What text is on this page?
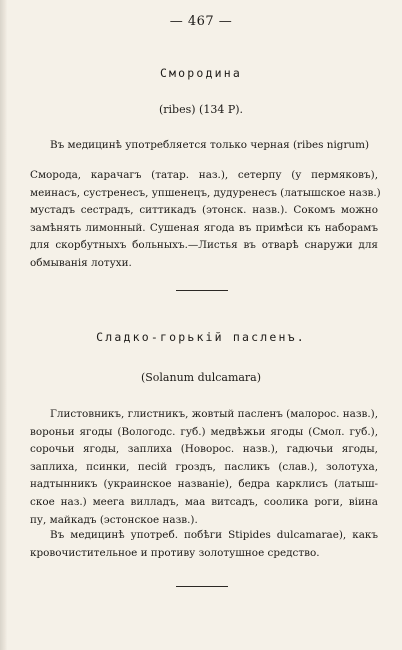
— 467 —
Смородина
(ribes) (134 P).

Въ медицинѣ употребляется только черная (ribes nigrum)

Смородa, карачагъ (татар. наз.), сетерпу (у пермяковъ),
меинасъ, сустренесъ, упшенецъ, дудуренесъ (латышское назв.)
мустадъ сестрадъ, ситтикадъ (этонск. назв.). Сокомъ можно
замѣнять лимонный. Сушеная ягода въ примѣси къ наборамъ
для скорбутныхъ больныхъ.—Листья въ отварѣ снаружи для
обмыванія лотухи.

Сладко-горькій пасленъ.
(Solanum dulcamara)

Глистовникъ, глистникъ, жовтый пасленъ (малорос. назв.),
вороньи ягоды (Вологодс. губ.) медвѣжьи ягоды (Смол. губ.),
сорочьи ягоды, заплиха (Новорос. назв.), гадючьи ягоды,
заплиха, псинки, песій гроздъ, пасликъ (слав.), золотуха,
надтынникъ (украинское названіе), бедра карклисъ (латыш-
ское наз.) меега вилладъ, маа витсадъ, соолика роги, віина
пу, майкадъ (эстонское назв.).

Въ медицинѣ употреб. побѣги Stipides dulcamarae), какъ
кровочистительное и противу золотушное средство.
